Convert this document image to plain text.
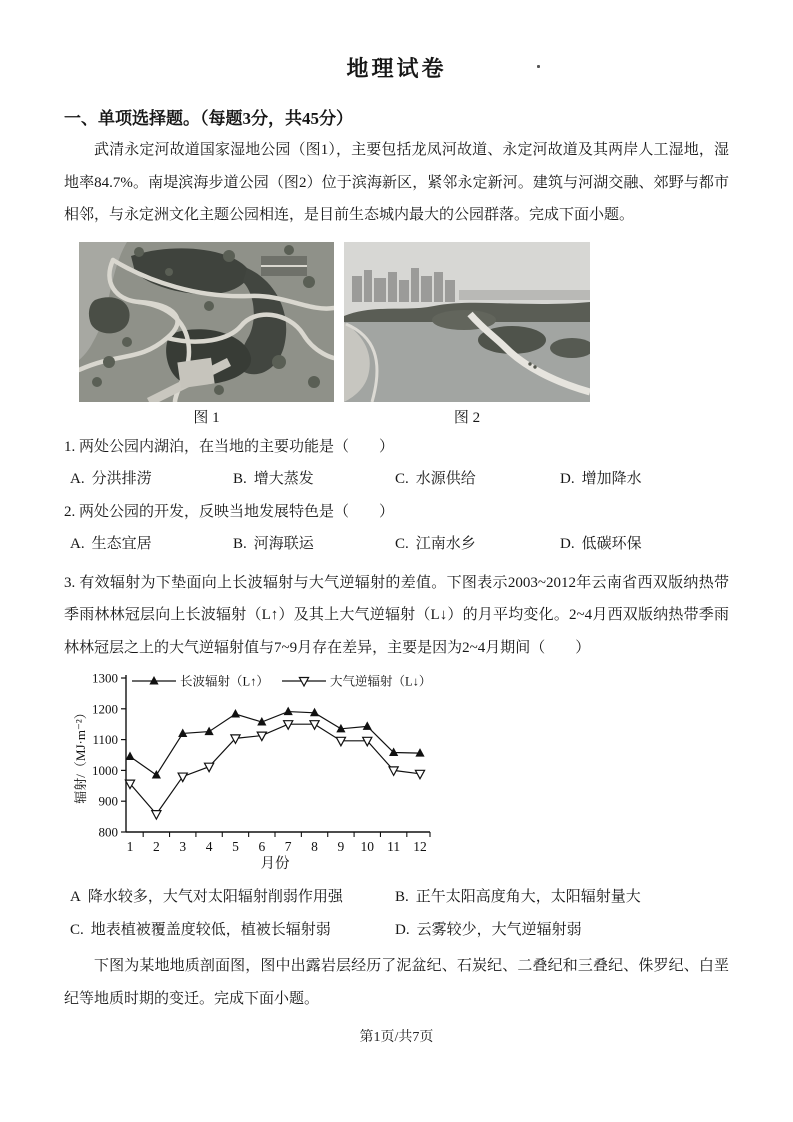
地理试卷
一、单项选择题。（每题3分，共45分）

武清永定河故道国家湿地公园（图1），主要包括龙凤河故道、永定河故道及其两岸人工湿地，湿地率84.7%。南堤滨海步道公园（图2）位于滨海新区，紧邻永定新河。建筑与河湖交融、郊野与都市相邻，与永定洲文化主题公园相连，是目前生态城内最大的公园群落。完成下面小题。

图 1	图 2
1. 两处公园内湖泊，在当地的主要功能是（　　）
A. 分洪排涝	B. 增大蒸发	C. 水源供给	D. 增加降水
2. 两处公园的开发，反映当地发展特色是（　　）
A. 生态宜居	B. 河海联运	C. 江南水乡	D. 低碳环保
3. 有效辐射为下垫面向上长波辐射与大气逆辐射的差值。下图表示2003~2012年云南省西双版纳热带季雨林林冠层向上长波辐射（L↑）及其上大气逆辐射（L↓）的月平均变化。2~4月西双版纳热带季雨林林冠层之上的大气逆辐射值与7~9月存在差异，主要是因为2~4月期间（　　）
800
900
1000
1100
1200
1300
1 2 3 4 5 6 7 8 9 10 11 12
月份
辐射/（MJ·m⁻²）
长波辐射（L↑）	大气逆辐射（L↓）
A 降水较多，大气对太阳辐射削弱作用强	B. 正午太阳高度角大，太阳辐射量大
C. 地表植被覆盖度较低，植被长辐射弱	D. 云雾较少，大气逆辐射弱

下图为某地地质剖面图，图中出露岩层经历了泥盆纪、石炭纪、二叠纪和三叠纪、侏罗纪、白垩纪等地质时期的变迁。完成下面小题。

第1页/共7页
